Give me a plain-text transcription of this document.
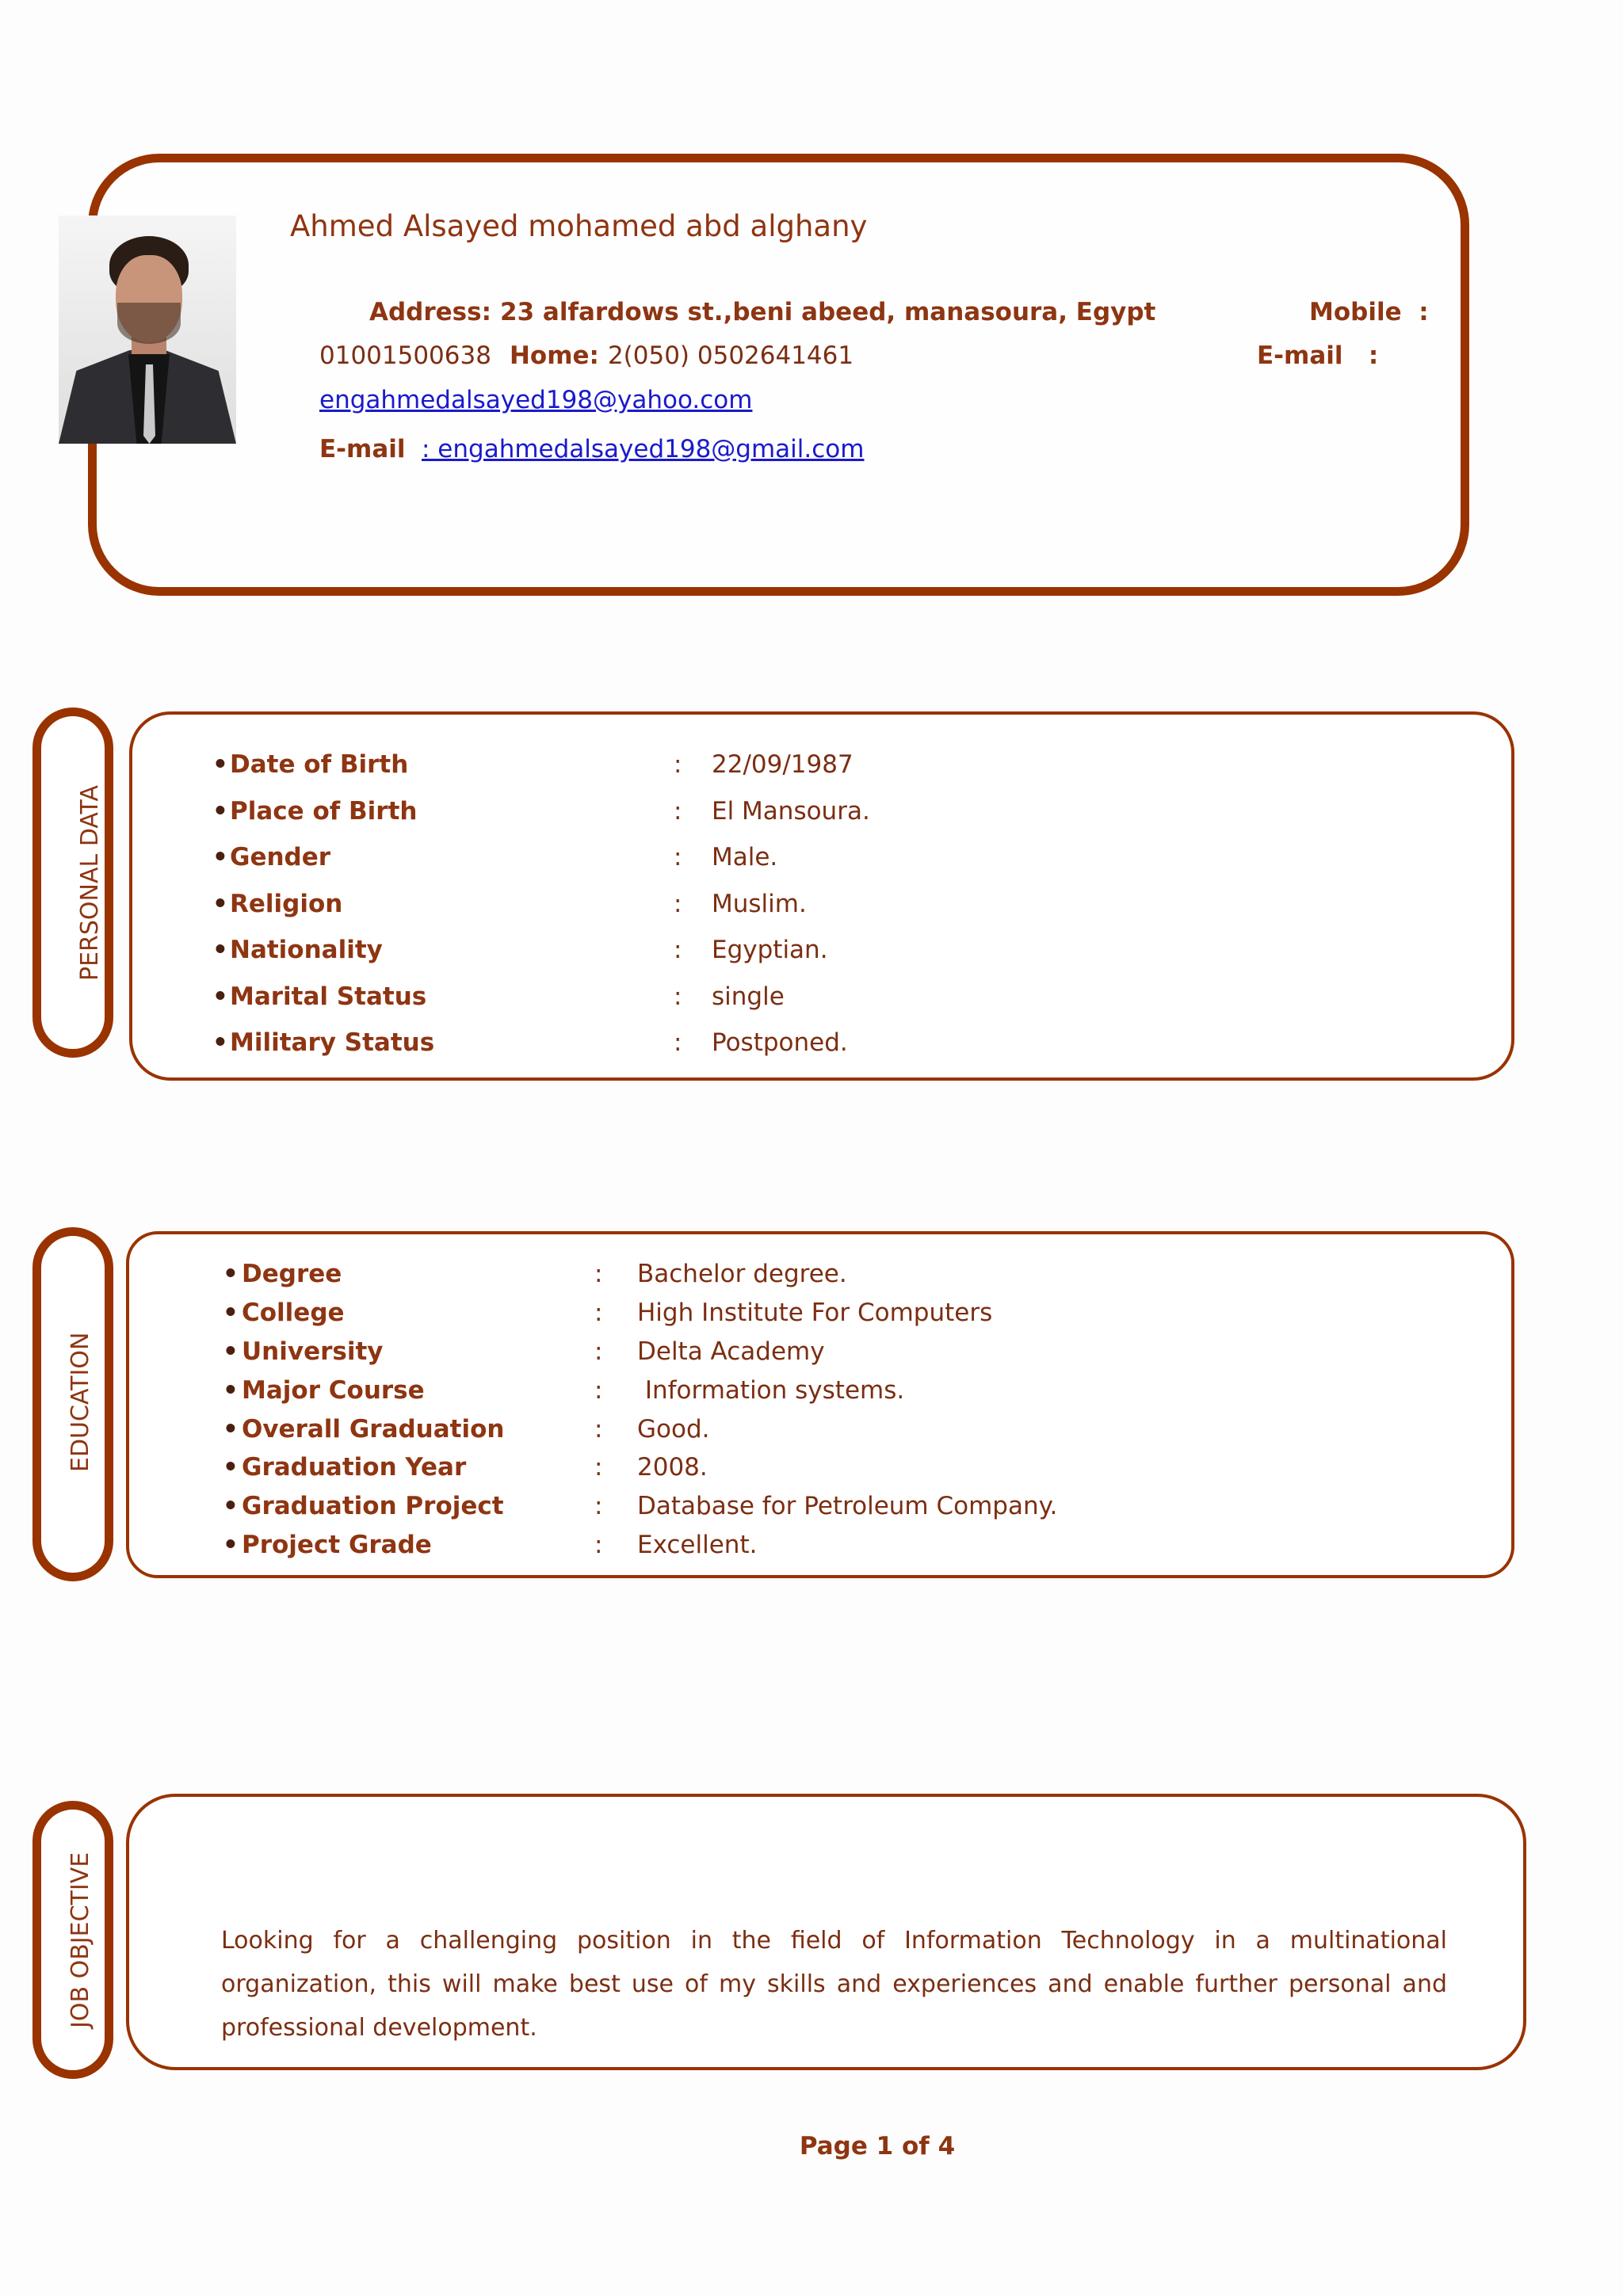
Ahmed Alsayed mohamed abd alghany
Address: 23 alfardows st.,beni abeed, manasoura, Egypt	Mobile  :
01001500638 Home: 2(050) 0502641461	E-mail   :
engahmedalsayed198@yahoo.com
E-mail : engahmedalsayed198@gmail.com
PERSONAL DATA
• Date of Birth	:	22/09/1987
• Place of Birth	:	El Mansoura.
• Gender	:	Male.
• Religion	:	Muslim.
• Nationality	:	Egyptian.
• Marital Status	:	single
• Military Status	:	Postponed.
EDUCATION
• Degree	:	Bachelor degree.
• College	:	High Institute For Computers
• University	:	Delta Academy
• Major Course	:	Information systems.
• Overall Graduation	:	Good.
• Graduation Year	:	2008.
• Graduation Project	:	Database for Petroleum Company.
• Project Grade	:	Excellent.
JOB OBJECTIVE	Looking for a challenging position in the field of Information Technology in a multinational
organization, this will make best use of my skills and experiences and enable further personal and
professional development.
Page 1 of 4
